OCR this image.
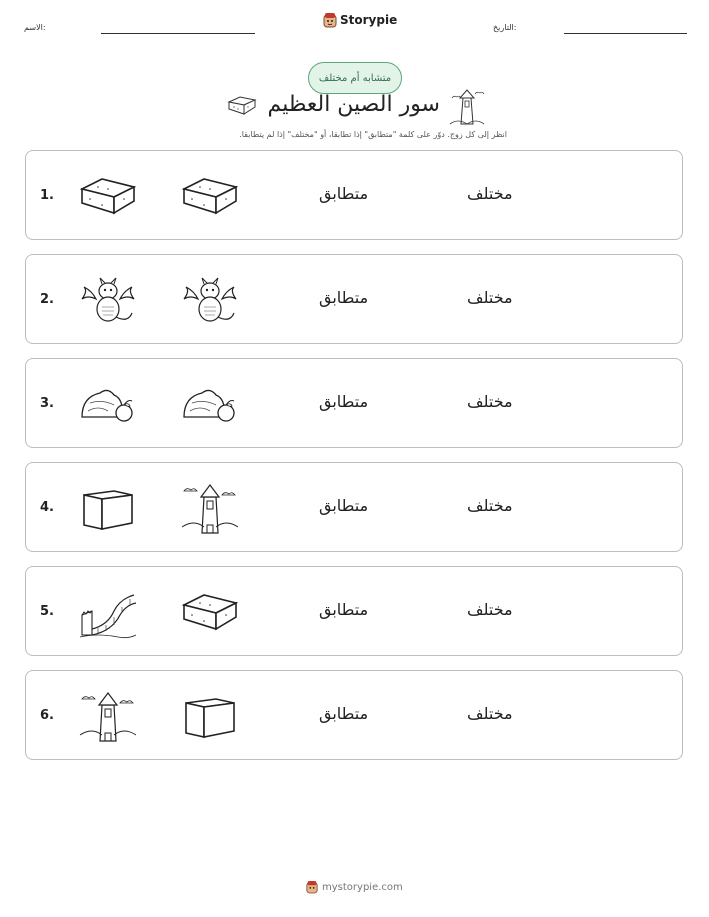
الاسم:
Storypie
التاريخ:
متشابه أم مختلف
سور الصين العظيم
انظر إلى كل زوج. دوّر على كلمة "متطابق" إذا تطابقا، أو "مختلف" إذا لم يتطابقا.
1.	متطابق	مختلف
2.	متطابق	مختلف
3.	متطابق	مختلف
4.	متطابق	مختلف
5.	متطابق	مختلف
6.	متطابق	مختلف
mystorypie.com
